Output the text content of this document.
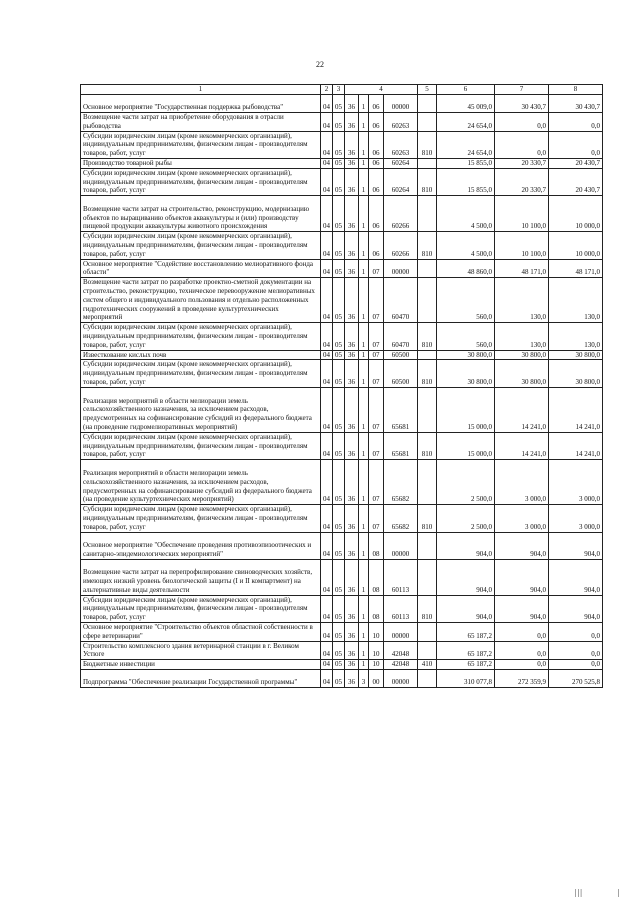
22
1	2	3	4				5	6	7	8
Основное мероприятие "Государственная поддержка рыбоводства"	04	05	36	1	06	00000		45 009,0	30 430,7	30 430,7
Возмещение части затрат на приобретение оборудования в отрасли рыбоводства	04	05	36	1	06	60263		24 654,0	0,0	0,0
Субсидии юридическим лицам (кроме некоммерческих организаций), индивидуальным предпринимателям, физическим лицам - производителям товаров, работ, услуг	04	05	36	1	06	60263	810	24 654,0	0,0	0,0
Производство товарной рыбы	04	05	36	1	06	60264		15 855,0	20 330,7	20 430,7
Субсидии юридическим лицам (кроме некоммерческих организаций), индивидуальным предпринимателям, физическим лицам - производителям товаров, работ, услуг	04	05	36	1	06	60264	810	15 855,0	20 330,7	20 430,7
Возмещение части затрат на строительство, реконструкцию, модернизацию объектов по выращиванию объектов аквакультуры и (или) производству пищевой продукции аквакультуры животного происхождения	04	05	36	1	06	60266		4 500,0	10 100,0	10 000,0
Субсидии юридическим лицам (кроме некоммерческих организаций), индивидуальным предпринимателям, физическим лицам - производителям товаров, работ, услуг	04	05	36	1	06	60266	810	4 500,0	10 100,0	10 000,0
Основное мероприятие "Содействие восстановлению мелиоративного фонда области"	04	05	36	1	07	00000		48 860,0	48 171,0	48 171,0
Возмещение части затрат по разработке проектно-сметной документации на строительство, реконструкцию, техническое перевооружение мелиоративных систем общего и индивидуального пользования и отдельно расположенных гидротехнических сооружений в проведение культуртехнических мероприятий	04	05	36	1	07	60470		560,0	130,0	130,0
Субсидии юридическим лицам (кроме некоммерческих организаций), индивидуальным предпринимателям, физическим лицам - производителям товаров, работ, услуг	04	05	36	1	07	60470	810	560,0	130,0	130,0
Известкование кислых почв	04	05	36	1	07	60500		30 800,0	30 800,0	30 800,0
Субсидии юридическим лицам (кроме некоммерческих организаций), индивидуальным предпринимателям, физическим лицам - производителям товаров, работ, услуг	04	05	36	1	07	60500	810	30 800,0	30 800,0	30 800,0
Реализация мероприятий в области мелиорации земель сельскохозяйственного назначения, за исключением расходов, предусмотренных на софинансирование субсидий из федерального бюджета (на проведение гидромелиоративных мероприятий)	04	05	36	1	07	65681		15 000,0	14 241,0	14 241,0
Субсидии юридическим лицам (кроме некоммерческих организаций), индивидуальным предпринимателям, физическим лицам - производителям товаров, работ, услуг	04	05	36	1	07	65681	810	15 000,0	14 241,0	14 241,0
Реализация мероприятий в области мелиорации земель сельскохозяйственного назначения, за исключением расходов, предусмотренных на софинансирование субсидий из федерального бюджета (на проведение культуртехнических мероприятий)	04	05	36	1	07	65682		2 500,0	3 000,0	3 000,0
Субсидии юридическим лицам (кроме некоммерческих организаций), индивидуальным предпринимателям, физическим лицам - производителям товаров, работ, услуг	04	05	36	1	07	65682	810	2 500,0	3 000,0	3 000,0
Основное мероприятие "Обеспечение проведения противоэпизоотических и санитарно-эпидемиологических мероприятий"	04	05	36	1	08	00000		904,0	904,0	904,0
Возмещение части затрат на перепрофилирование свиноводческих хозяйств, имеющих низкий уровень биологической защиты (I и II компартмент) на альтернативные виды деятельности	04	05	36	1	08	60113		904,0	904,0	904,0
Субсидии юридическим лицам (кроме некоммерческих организаций), индивидуальным предпринимателям, физическим лицам - производителям товаров, работ, услуг	04	05	36	1	08	60113	810	904,0	904,0	904,0
Основное мероприятие "Строительство объектов областной собственности в сфере ветеринарии"	04	05	36	1	10	00000		65 187,2	0,0	0,0
Строительство комплексного здания ветеринарной станции в г. Великом Устюге	04	05	36	1	10	42048		65 187,2	0,0	0,0
Бюджетные инвестиции	04	05	36	1	10	42048	410	65 187,2	0,0	0,0
Подпрограмма "Обеспечение реализации Государственной программы"	04	05	36	3	00	00000		310 077,8	272 359,9	270 525,8
|||	|
